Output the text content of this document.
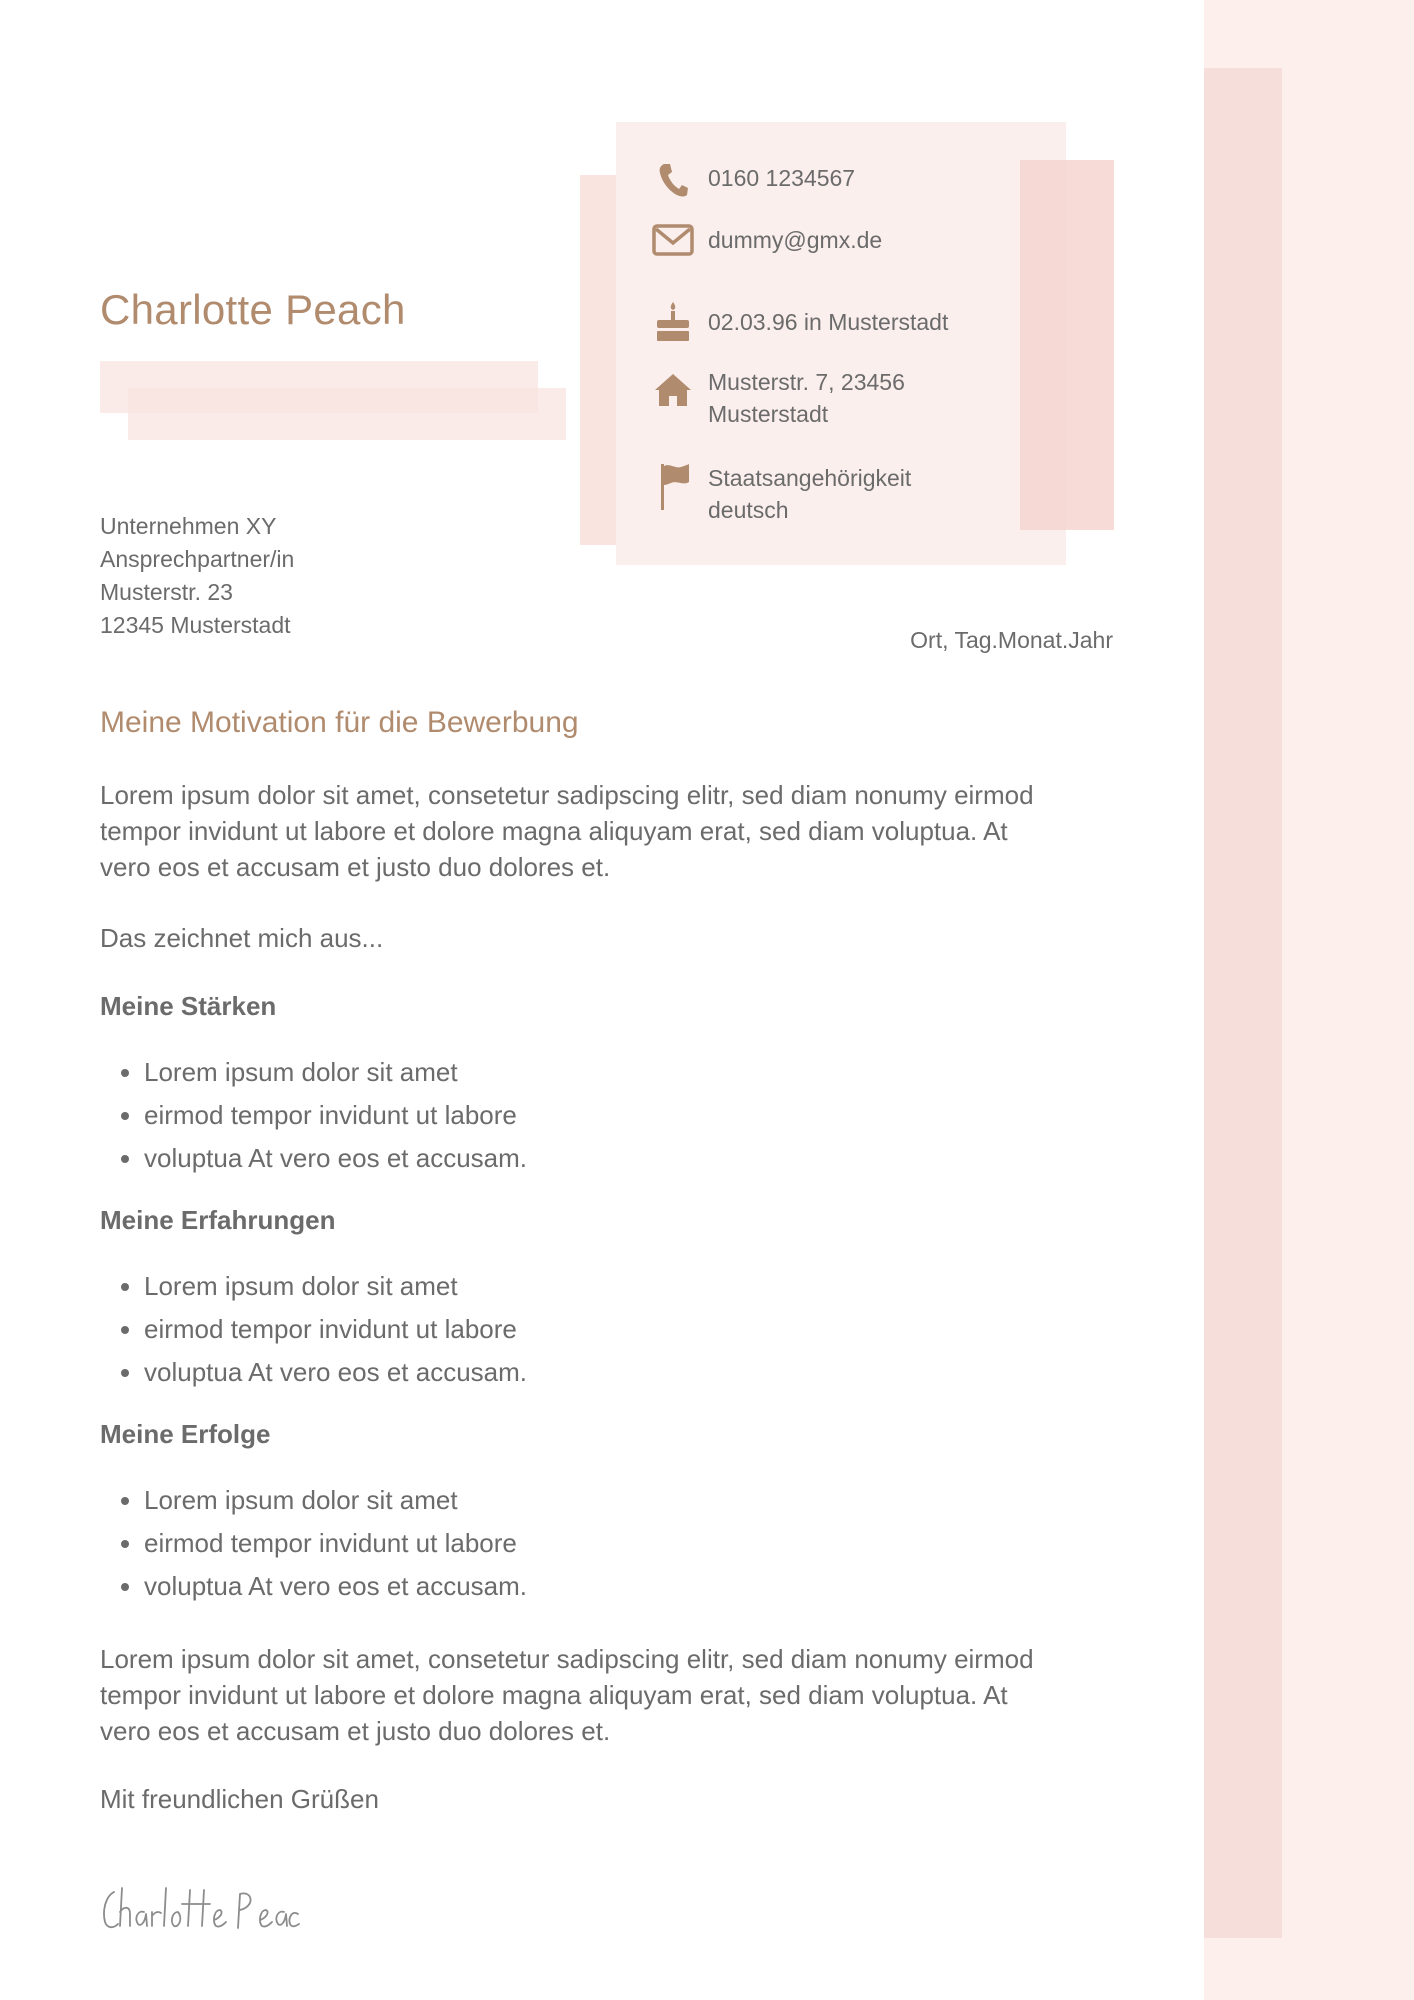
Charlotte Peach
0160 1234567
dummy@gmx.de
02.03.96 in Musterstadt
Musterstr. 7, 23456
Musterstadt
Staatsangehörigkeit
deutsch
Unternehmen XY
Ansprechpartner/in
Musterstr. 23
12345 Musterstadt
Ort, Tag.Monat.Jahr
Meine Motivation für die Bewerbung
Lorem ipsum dolor sit amet, consetetur sadipscing elitr, sed diam nonumy eirmod tempor invidunt ut labore et dolore magna aliquyam erat, sed diam voluptua. At vero eos et accusam et justo duo dolores et.
Das zeichnet mich aus...
Meine Stärken
• Lorem ipsum dolor sit amet
• eirmod tempor invidunt ut labore
• voluptua At vero eos et accusam.
Meine Erfahrungen
• Lorem ipsum dolor sit amet
• eirmod tempor invidunt ut labore
• voluptua At vero eos et accusam.
Meine Erfolge
• Lorem ipsum dolor sit amet
• eirmod tempor invidunt ut labore
• voluptua At vero eos et accusam.
Lorem ipsum dolor sit amet, consetetur sadipscing elitr, sed diam nonumy eirmod tempor invidunt ut labore et dolore magna aliquyam erat, sed diam voluptua. At vero eos et accusam et justo duo dolores et.
Mit freundlichen Grüßen
